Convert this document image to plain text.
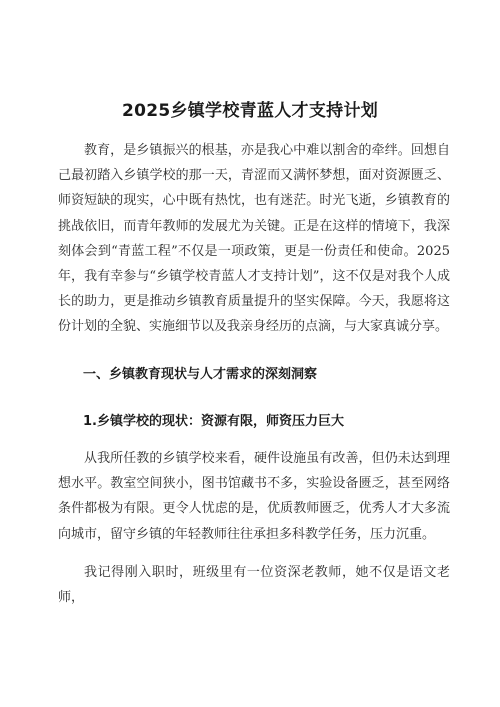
2025乡镇学校青蓝人才支持计划

教育，是乡镇振兴的根基，亦是我心中难以割舍的牵绊。回想自己最初踏入乡镇学校的那一天，青涩而又满怀梦想，面对资源匮乏、师资短缺的现实，心中既有热忱，也有迷茫。时光飞逝，乡镇教育的挑战依旧，而青年教师的发展尤为关键。正是在这样的情境下，我深刻体会到“青蓝工程”不仅是一项政策，更是一份责任和使命。2025年，我有幸参与“乡镇学校青蓝人才支持计划”，这不仅是对我个人成长的助力，更是推动乡镇教育质量提升的坚实保障。今天，我愿将这份计划的全貌、实施细节以及我亲身经历的点滴，与大家真诚分享。

一、乡镇教育现状与人才需求的深刻洞察

1.乡镇学校的现状：资源有限，师资压力巨大

从我所任教的乡镇学校来看，硬件设施虽有改善，但仍未达到理想水平。教室空间狭小，图书馆藏书不多，实验设备匮乏，甚至网络条件都极为有限。更令人忧虑的是，优质教师匮乏，优秀人才大多流向城市，留守乡镇的年轻教师往往承担多科教学任务，压力沉重。

我记得刚入职时，班级里有一位资深老教师，她不仅是语文老师，
